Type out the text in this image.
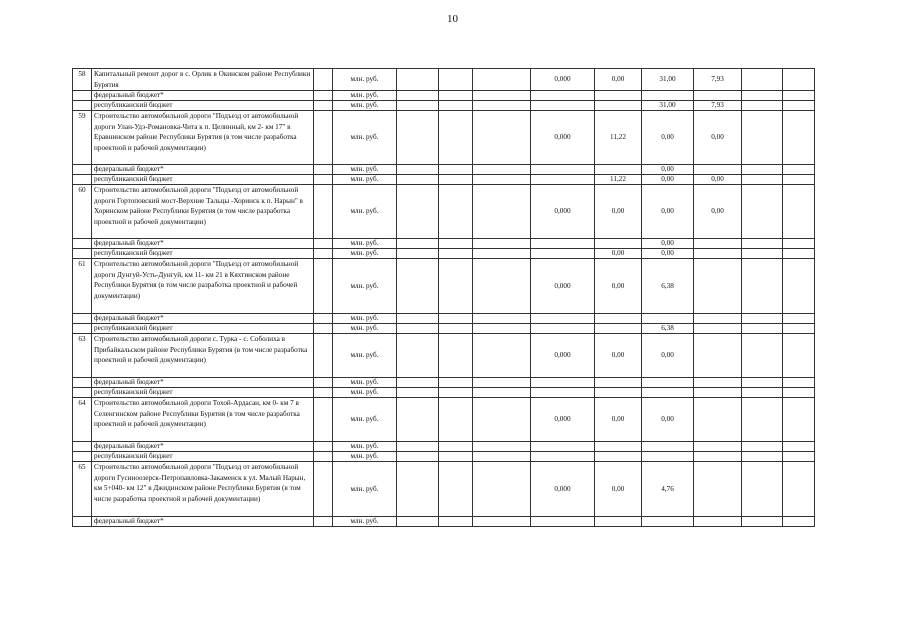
10
58	Капитальный ремонт дорог в с. Орлик в Окинском районе Республики Бурятия		млн. руб.				0,000	0,00	31,00	7,93		
	федеральный бюджет*		млн. руб.									
	республиканский бюджет		млн. руб.						31,00	7,93		
59	Строительство автомобильной дороги "Подъезд от автомобильной дороги Улан-Удэ-Романовка-Чита к п. Целинный, км 2- км 17" в Еравнинском районе Республики Бурятия (в том числе разработка проектной и рабочей документации)		млн. руб.				0,000	11,22	0,00	0,00		
	федеральный бюджет*		млн. руб.						0,00			
	республиканский бюджет		млн. руб.					11,22	0,00	0,00		
60	Строительство автомобильной дороги "Подъезд от автомобильной дороги Гортоповский мост-Верхние Тальцы -Хоринск к п. Нарын" в Хоринском районе Республики Бурятия (в том числе разработка проектной и рабочей документации)		млн. руб.				0,000	0,00	0,00	0,00		
	федеральный бюджет*		млн. руб.						0,00			
	республиканский бюджет		млн. руб.					0,00	0,00			
61	Строительство автомобильной дороги "Подъезд от автомобильной дороги Дунгуй-Усть-Дунгуй, км 11- км 21 в Кяхтинском районе Республики Бурятия (в том числе разработка проектной и рабочей документации)		млн. руб.				0,000	0,00	6,38			
	федеральный бюджет*		млн. руб.									
	республиканский бюджет		млн. руб.						6,38			
63	Строительство автомобильной дороги с. Турка - с. Соболиха в Прибайкальском районе Республики Бурятия (в том числе разработка проектной и рабочей документации)		млн. руб.				0,000	0,00	0,00			
	федеральный бюджет*		млн. руб.									
	республиканский бюджет		млн. руб.									
64	Строительство автомобильной дороги Тохой-Ардасан, км 0- км 7 в Селенгинском районе Республики Бурятия (в том числе разработка проектной и рабочей документации)		млн. руб.				0,000	0,00	0,00			
	федеральный бюджет*		млн. руб.									
	республиканский бюджет		млн. руб.									
65	Строительство автомобильной дороги "Подъезд от автомобильной дороги Гусиноозерск-Петропавловка-Закаменск к ул. Малый Нарын, км 5+040- км 12" в Джидинском районе Республики Бурятия (в том числе разработка проектной и рабочей документации)		млн. руб.				0,000	0,00	4,76			
	федеральный бюджет*		млн. руб.									
